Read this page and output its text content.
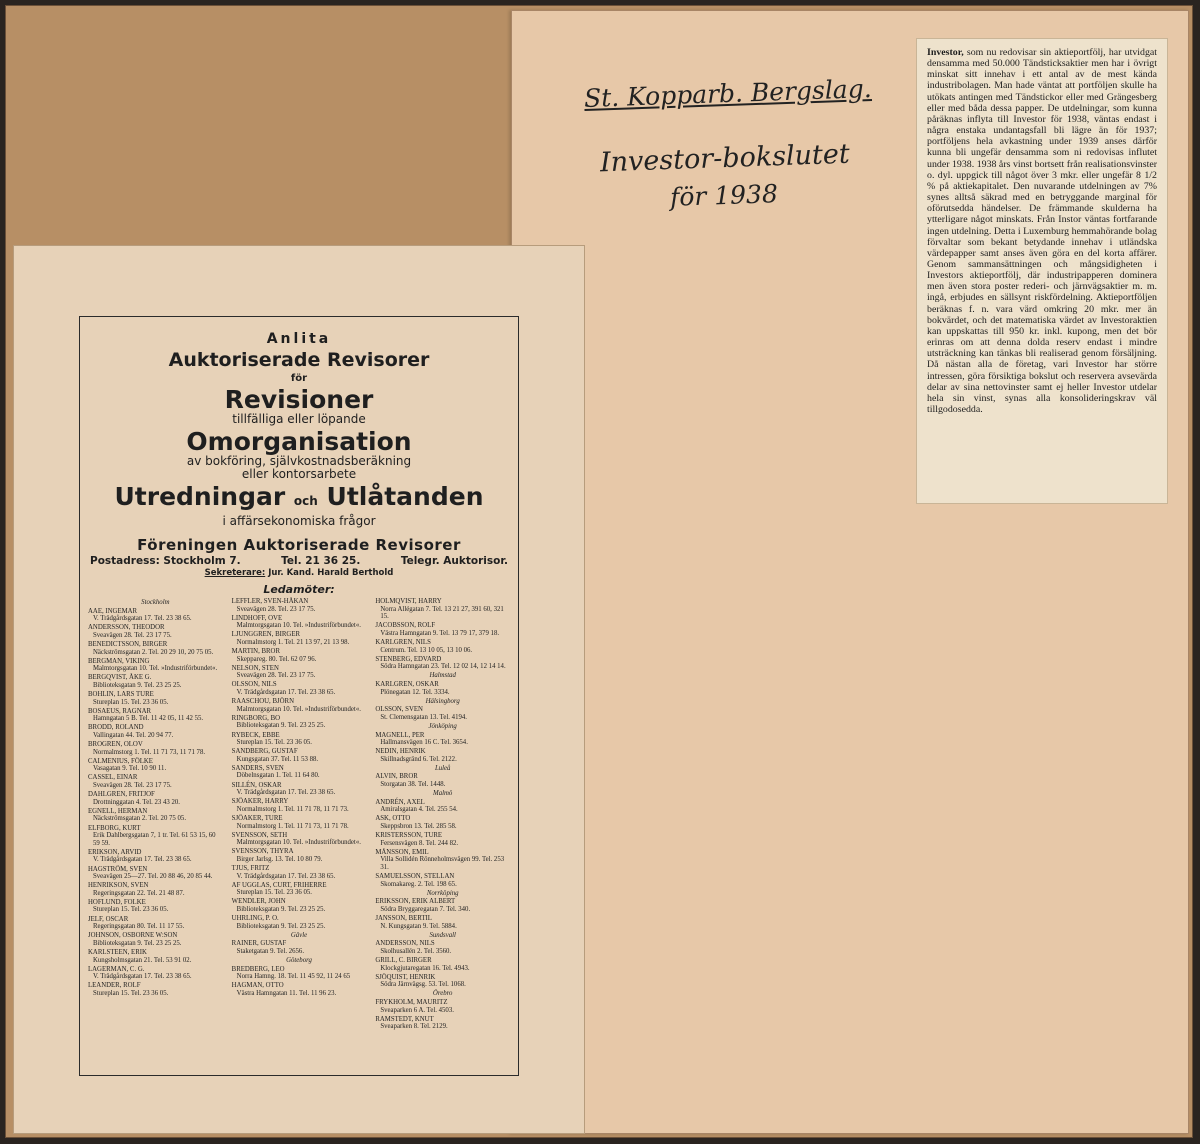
St. Kopparb. Bergslag.
Investor-bokslutet
för 1938
Investor, som nu redovisar sin aktieportfölj, har utvidgat densamma med 50.000 Tändsticksaktier men har i övrigt minskat sitt innehav i ett antal av de mest kända industribolagen. Man hade väntat att portföljen skulle ha utökats antingen med Tändstickor eller med Grängesberg eller med båda dessa papper. De utdelningar, som kunna påräknas inflyta till Investor för 1938, väntas endast i några enstaka undantagsfall bli lägre än för 1937; portföljens hela avkastning under 1939 anses därför kunna bli ungefär densamma som ni redovisas influtet under 1938. 1938 års vinst bortsett från realisationsvinster o. dyl. uppgick till något över 3 mkr. eller ungefär 8 1/2 % på aktiekapitalet. Den nuvarande utdelningen av 7% synes alltså säkrad med en betryggande marginal för oförutsedda händelser. De främmande skulderna ha ytterligare något minskats. Från Instor väntas fortfarande ingen utdelning. Detta i Luxemburg hemmahörande bolag förvaltar som bekant betydande innehav i utländska värdepapper samt anses även göra en del korta affärer. Genom sammansättningen och mångsidigheten i Investors aktieportfölj, där industripapperen dominera men även stora poster rederi- och järnvägsaktier m. m. ingå, erbjudes en sällsynt riskfördelning. Aktieportföljen beräknas f. n. vara värd omkring 20 mkr. mer än bokvärdet, och det matematiska värdet av Investoraktien kan uppskattas till 950 kr. inkl. kupong, men det bör erinras om att denna dolda reserv endast i mindre utsträckning kan tänkas bli realiserad genom försäljning. Då nästan alla de företag, vari Investor har större intressen, göra försiktiga bokslut och reservera avsevärda delar av sina nettovinster samt ej heller Investor utdelar hela sin vinst, synas alla konsolideringskrav väl tillgodosedda.
Anlita
Auktoriserade Revisorer
för
Revisioner
tillfälliga eller löpande
Omorganisation
av bokföring, självkostnadsberäkning
eller kontorsarbete
Utredningar och Utlåtanden
i affärsekonomiska frågor
Föreningen Auktoriserade Revisorer
Postadress: Stockholm 7.	Tel. 21 36 25.	Telegr. Auktorisor.
Sekreterare: Jur. Kand. Harald Berthold
Ledamöter:
Stockholm
AAE, INGEMAR
V. Trädgårdsgatan 17. Tel. 23 38 65.
ANDERSSON, THEODOR
Sveavägen 28. Tel. 23 17 75.
BENEDICTSSON, BIRGER
Näckströmsgatan 2. Tel. 20 29 10, 20 75 05.
BERGMAN, VIKING
Malmtorgsgatan 10. Tel. »Industriförbundet«.
BERGQVIST, ÅKE G.
Biblioteksgatan 9. Tel. 23 25 25.
BOHLIN, LARS TURE
Stureplan 15. Tel. 23 36 05.
BOSAEUS, RAGNAR
Hamngatan 5 B. Tel. 11 42 05, 11 42 55.
BRODD, ROLAND
Vallingatan 44. Tel. 20 94 77.
BROGREN, OLOV
Normalmstorg 1. Tel. 11 71 73, 11 71 78.
CALMENIUS, FÖLKE
Vasagatan 9. Tel. 10 90 11.
CASSEL, EINAR
Sveavägen 28. Tel. 23 17 75.
DAHLGREN, FRITJOF
Drottninggatan 4. Tel. 23 43 20.
EGNELL, HERMAN
Näckströmsgatan 2. Tel. 20 75 05.
ELFBORG, KURT
Erik Dahlbergsgatan 7, 1 tr. Tel. 61 53 15, 60 59 59.
ERIKSON, ARVID
V. Trädgårdsgatan 17. Tel. 23 38 65.
HAGSTRÖM, SVEN
Sveavägen 25—27. Tel. 20 88 46, 20 85 44.
HENRIKSON, SVEN
Regeringsgatan 22. Tel. 21 48 87.
HOFLUND, FOLKE
Stureplan 15. Tel. 23 36 05.
JELF, OSCAR
Regeringsgatan 80. Tel. 11 17 55.
JOHNSON, OSBORNE W:SON
Biblioteksgatan 9. Tel. 23 25 25.
KARLSTEEN, ERIK
Kungsholmsgatan 21. Tel. 53 91 02.
LAGERMAN, C. G.
V. Trädgårdsgatan 17. Tel. 23 38 65.
LEANDER, ROLF
Stureplan 15. Tel. 23 36 05.
LEFFLER, SVEN-HÅKAN
Sveavägen 28. Tel. 23 17 75.
LINDHOFF, OVE
Malmtorgsgatan 10. Tel. »Industriförbundet«.
LJUNGGREN, BIRGER
Normalmstorg 1. Tel. 21 13 97, 21 13 98.
MARTIN, BROR
Skeppareg. 80. Tel. 62 07 96.
NELSON, STEN
Sveavägen 28. Tel. 23 17 75.
OLSSON, NILS
V. Trädgårdsgatan 17. Tel. 23 38 65.
RAASCHOU, BJÖRN
Malmtorgsgatan 10. Tel. »Industriförbundet«.
RINGBORG, BO
Biblioteksgatan 9. Tel. 23 25 25.
RYBECK, EBBE
Stureplan 15. Tel. 23 36 05.
SANDBERG, GUSTAF
Kungsgatan 37. Tel. 11 53 88.
SANDERS, SVEN
Döbelnsgatan 1. Tel. 11 64 80.
SILLÉN, OSKAR
V. Trädgårdsgatan 17. Tel. 23 38 65.
SJÖAKER, HARRY
Normalmstorg 1. Tel. 11 71 78, 11 71 73.
SJÖAKER, TURE
Normalmstorg 1. Tel. 11 71 73, 11 71 78.
SVENSSON, SETH
Malmtorgsgatan 10. Tel. »Industriförbundet«.
SVENSSON, THYRA
Birger Jarlsg. 13. Tel. 10 80 79.
TJUS, FRITZ
V. Trädgårdsgatan 17. Tel. 23 38 65.
AF UGGLAS, CURT, FRIHERRE
Stureplan 15. Tel. 23 36 05.
WENDLER, JOHN
Biblioteksgatan 9. Tel. 23 25 25.
UHRLING, P. O.
Biblioteksgatan 9. Tel. 23 25 25.
Gävle
RAINER, GUSTAF
Staketgatan 9. Tel. 2656.
Göteborg
BREDBERG, LEO
Norra Hamng. 18. Tel. 11 45 92, 11 24 65
HAGMAN, OTTO
Västra Hamngatan 11. Tel. 11 96 23.
HOLMQVIST, HARRY
Norra Allégatan 7. Tel. 13 21 27, 391 60, 321 15.
JACOBSSON, ROLF
Västra Hamngatan 9. Tel. 13 79 17, 379 18.
KARLGREN, NILS
Centrum. Tel. 13 10 05, 13 10 06.
STENBERG, EDVARD
Södra Hamngatan 23. Tel. 12 02 14, 12 14 14.
Halmstad
KARLGREN, OSKAR
Plönegatan 12. Tel. 3334.
Hälsingborg
OLSSON, SVEN
St. Clemensgatan 13. Tel. 4194.
Jönköping
MAGNELL, PER
Hallmansvägen 16 C. Tel. 3654.
NEDIN, HENRIK
Skillnadsgränd 6. Tel. 2122.
Luleå
ALVIN, BROR
Storgatan 38. Tel. 1448.
Malmö
ANDRÉN, AXEL
Amiralsgatan 4. Tel. 255 54.
ASK, OTTO
Skeppsbron 13. Tel. 285 58.
KRISTERSSON, TURE
Fersensvägen 8. Tel. 244 82.
MÅNSSON, EMIL
Villa Sollidén Rönneholmsvägen 99. Tel. 253 31.
SAMUELSSON, STELLAN
Skomakareg. 2. Tel. 198 65.
Norrköping
ERIKSSON, ERIK ALBERT
Södra Bryggaregatan 7. Tel. 340.
JANSSON, BERTIL
N. Kungsgatan 9. Tel. 5884.
Sundsvall
ANDERSSON, NILS
Skolhusallén 2. Tel. 3560.
GRILL, C. BIRGER
Klockgjutaregatan 16. Tel. 4943.
SJÖQUIST, HENRIK
Södra Järnvägsg. 53. Tel. 1068.
Örebro
FRYKHOLM, MAURITZ
Sveaparken 6 A. Tel. 4503.
RAMSTEDT, KNUT
Sveaparken 8. Tel. 2129.
